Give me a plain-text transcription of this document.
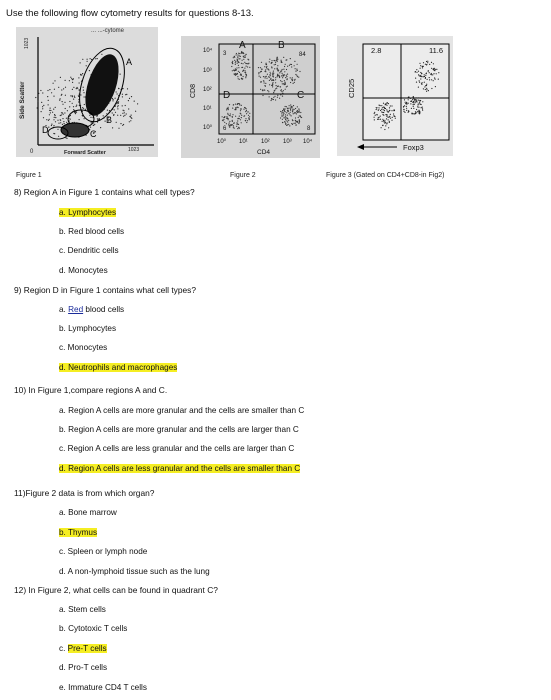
Use the following flow cytometry results for questions 8-13.
... ...-cytome
Side Scatter
1023
0	Forward Scatter	1023
A
B
C
D
Figure 1
CD8
10⁴
10³
10²
10¹
10⁰
A	B
C
D
3	84
6	8
10⁰ 10¹ 10² 10³ 10⁴
CD4
Figure 2
CD25
2.8	11.6
72
Foxp3
Figure 3 (Gated on CD4+CD8-in Fig2)
8) Region A in Figure 1 contains what cell types?
a. Lymphocytes
b. Red blood cells
c. Dendritic cells
d. Monocytes
9) Region D in Figure 1 contains what cell types?
a. Red blood cells
b. Lymphocytes
c. Monocytes
d. Neutrophils and macrophages
10) In Figure 1,compare regions A and C.
a. Region A cells are more granular and the cells are smaller than C
b. Region A cells are more granular and the cells are larger than C
c. Region A cells are less granular and the cells are larger than C
d. Region A cells are less granular and the cells are smaller than C
11)Figure 2 data is from which organ?
a. Bone marrow
b. Thymus
c. Spleen or lymph node
d. A non-lymphoid tissue such as the lung
12) In Figure 2, what cells can be found in quadrant C?
a. Stem cells
b. Cytotoxic T cells
c. Pre-T cells
d. Pro-T cells
e. Immature CD4 T cells
